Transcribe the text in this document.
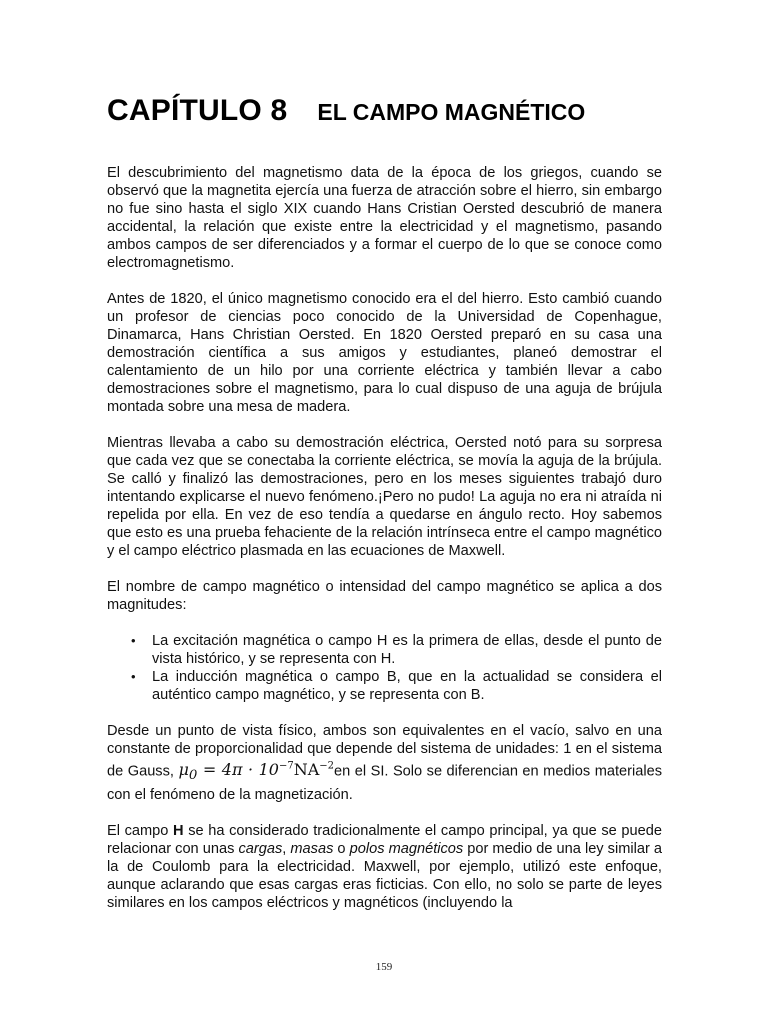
CAPÍTULO 8 EL CAMPO MAGNÉTICO

El descubrimiento del magnetismo data de la época de los griegos, cuando se observó que la magnetita ejercía una fuerza de atracción sobre el hierro, sin embargo no fue sino hasta el siglo XIX cuando Hans Cristian Oersted descubrió de manera accidental, la relación que existe entre la electricidad y el magnetismo, pasando ambos campos de ser diferenciados y a formar el cuerpo de lo que se conoce como electromagnetismo.

Antes de 1820, el único magnetismo conocido era el del hierro. Esto cambió cuando un profesor de ciencias poco conocido de la Universidad de Copenhague, Dinamarca, Hans Christian Oersted. En 1820 Oersted preparó en su casa una demostración científica a sus amigos y estudiantes, planeó demostrar el calentamiento de un hilo por una corriente eléctrica y también llevar a cabo demostraciones sobre el magnetismo, para lo cual dispuso de una aguja de brújula montada sobre una mesa de madera.

Mientras llevaba a cabo su demostración eléctrica, Oersted notó para su sorpresa que cada vez que se conectaba la corriente eléctrica, se movía la aguja de la brújula. Se calló y finalizó las demostraciones, pero en los meses siguientes trabajó duro intentando explicarse el nuevo fenómeno.¡Pero no pudo! La aguja no era ni atraída ni repelida por ella. En vez de eso tendía a quedarse en ángulo recto. Hoy sabemos que esto es una prueba fehaciente de la relación intrínseca entre el campo magnético y el campo eléctrico plasmada en las ecuaciones de Maxwell.

El nombre de campo magnético o intensidad del campo magnético se aplica a dos magnitudes:

• La excitación magnética o campo H es la primera de ellas, desde el punto de vista histórico, y se representa con H.
• La inducción magnética o campo B, que en la actualidad se considera el auténtico campo magnético, y se representa con B.

Desde un punto de vista físico, ambos son equivalentes en el vacío, salvo en una constante de proporcionalidad que depende del sistema de unidades: 1 en el sistema de Gauss, $\mu_0 = 4\pi \cdot 10^{-7}NA^{-2}en$ el SI. Solo se diferencian en medios materiales con el fenómeno de la magnetización.

El campo H se ha considerado tradicionalmente el campo principal, ya que se puede relacionar con unas cargas, masas o polos magnéticos por medio de una ley similar a la de Coulomb para la electricidad. Maxwell, por ejemplo, utilizó este enfoque, aunque aclarando que esas cargas eras ficticias. Con ello, no solo se parte de leyes similares en los campos eléctricos y magnéticos (incluyendo la

159
